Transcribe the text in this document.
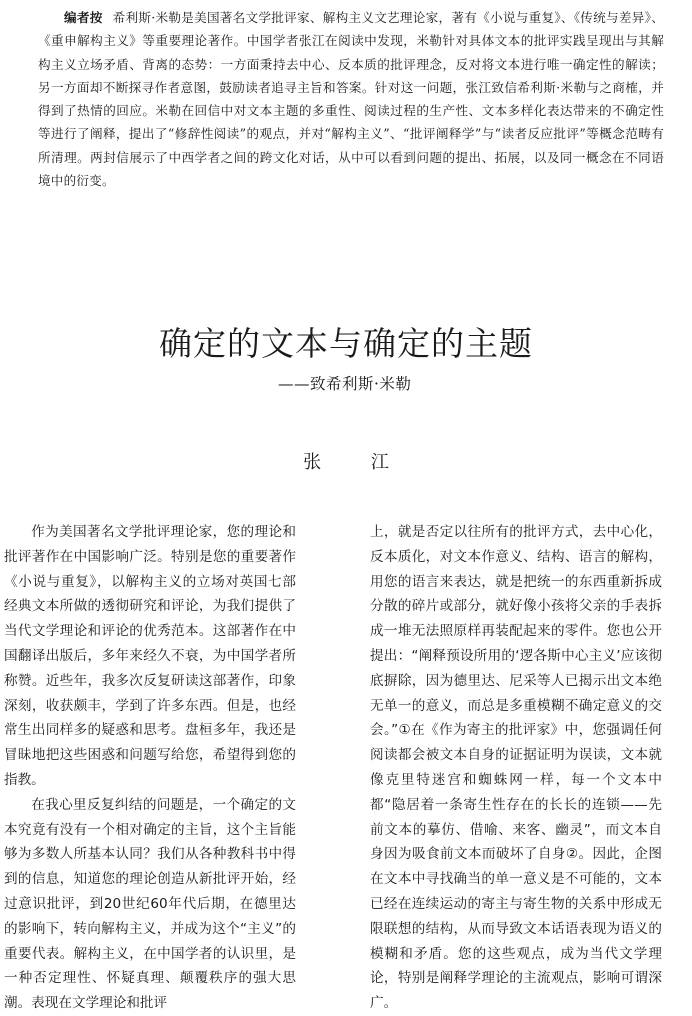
编者按 希利斯·米勒是美国著名文学批评家、解构主义文艺理论家，著有《小说与重复》、《传统与差异》、《重申解构主义》等重要理论著作。中国学者张江在阅读中发现，米勒针对具体文本的批评实践呈现出与其解构主义立场矛盾、背离的态势：一方面秉持去中心、反本质的批评理念，反对将文本进行唯一确定性的解读；另一方面却不断探寻作者意图，鼓励读者追寻主旨和答案。针对这一问题，张江致信希利斯·米勒与之商榷，并得到了热情的回应。米勒在回信中对文本主题的多重性、阅读过程的生产性、文本多样化表达带来的不确定性等进行了阐释，提出了“修辞性阅读”的观点，并对“解构主义”、“批评阐释学”与“读者反应批评”等概念范畴有所清理。两封信展示了中西学者之间的跨文化对话，从中可以看到问题的提出、拓展，以及同一概念在不同语境中的衍变。
确定的文本与确定的主题
——致希利斯·米勒
张 江

作为美国著名文学批评理论家，您的理论和批评著作在中国影响广泛。特别是您的重要著作《小说与重复》，以解构主义的立场对英国七部经典文本所做的透彻研究和评论，为我们提供了当代文学理论和评论的优秀范本。这部著作在中国翻译出版后，多年来经久不衰，为中国学者所称赞。近些年，我多次反复研读这部著作，印象深刻，收获颇丰，学到了许多东西。但是，也经常生出同样多的疑惑和思考。盘桓多年，我还是冒昧地把这些困惑和问题写给您，希望得到您的指教。

在我心里反复纠结的问题是，一个确定的文本究竟有没有一个相对确定的主旨，这个主旨能够为多数人所基本认同？我们从各种教科书中得到的信息，知道您的理论创造从新批评开始，经过意识批评，到20世纪60年代后期，在德里达的影响下，转向解构主义，并成为这个“主义”的重要代表。解构主义，在中国学者的认识里，是一种否定理性、怀疑真理、颠覆秩序的强大思潮。表现在文学理论和批评

上，就是否定以往所有的批评方式，去中心化，反本质化，对文本作意义、结构、语言的解构，用您的语言来表达，就是把统一的东西重新拆成分散的碎片或部分，就好像小孩将父亲的手表拆成一堆无法照原样再装配起来的零件。您也公开提出：“阐释预设所用的‘逻各斯中心主义’应该彻底摒除，因为德里达、尼采等人已揭示出文本绝无单一的意义，而总是多重模糊不确定意义的交会。”①在《作为寄主的批评家》中，您强调任何阅读都会被文本自身的证据证明为误读，文本就像克里特迷宫和蜘蛛网一样，每一个文本中都“隐居着一条寄生性存在的长长的连锁——先前文本的摹仿、借喻、来客、幽灵”，而文本自身因为吸食前文本而破坏了自身②。因此，企图在文本中寻找确当的单一意义是不可能的，文本已经在连续运动的寄主与寄生物的关系中形成无限联想的结构，从而导致文本话语表现为语义的模糊和矛盾。您的这些观点，成为当代文学理论，特别是阐释学理论的主流观点，影响可谓深广。
